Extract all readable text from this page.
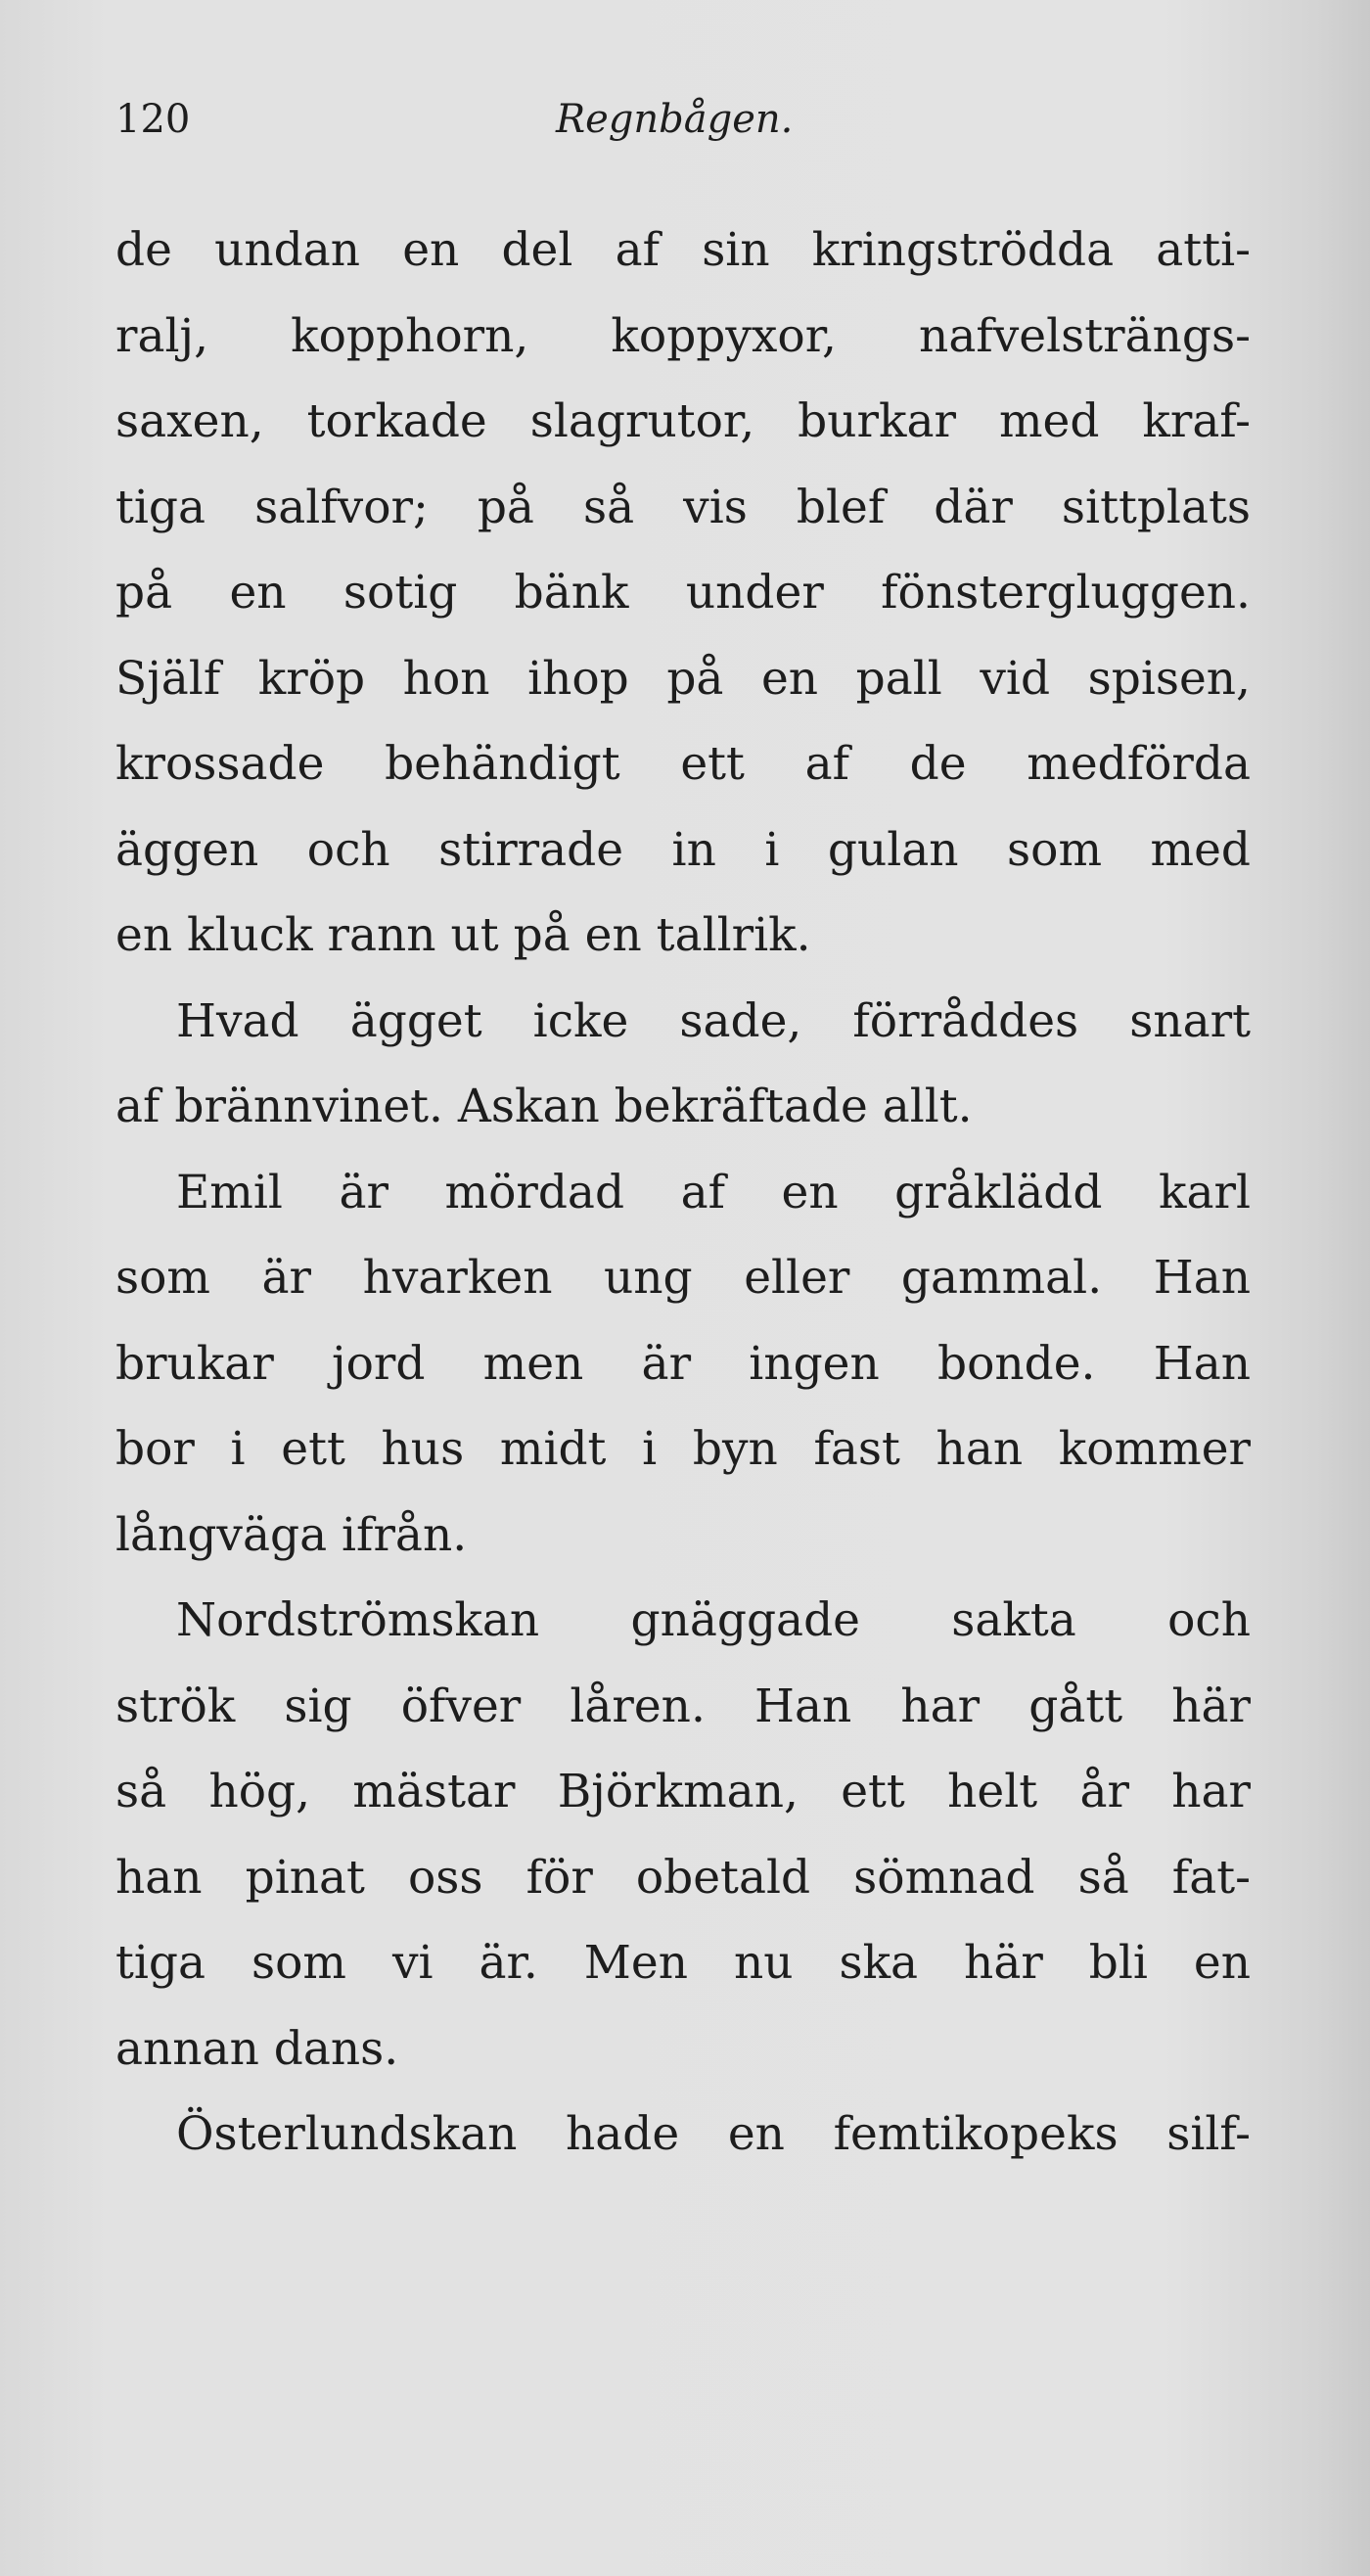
120	Regnbågen.
de undan en del af sin kringströdda atti-
ralj, kopphorn, koppyxor, nafvelsträngs-
saxen, torkade slagrutor, burkar med kraf-
tiga salfvor; på så vis blef där sittplats
på en sotig bänk under fönstergluggen.
Själf kröp hon ihop på en pall vid spisen,
krossade behändigt ett af de medförda
äggen och stirrade in i gulan som med
en kluck rann ut på en tallrik.
Hvad ägget icke sade, förråddes snart
af brännvinet. Askan bekräftade allt.
Emil är mördad af en gråklädd karl
som är hvarken ung eller gammal. Han
brukar jord men är ingen bonde. Han
bor i ett hus midt i byn fast han kommer
långväga ifrån.
Nordströmskan gnäggade sakta och
strök sig öfver låren. Han har gått här
så hög, mästar Björkman, ett helt år har
han pinat oss för obetald sömnad så fat-
tiga som vi är. Men nu ska här bli en
annan dans.
Österlundskan hade en femtikopeks silf-
